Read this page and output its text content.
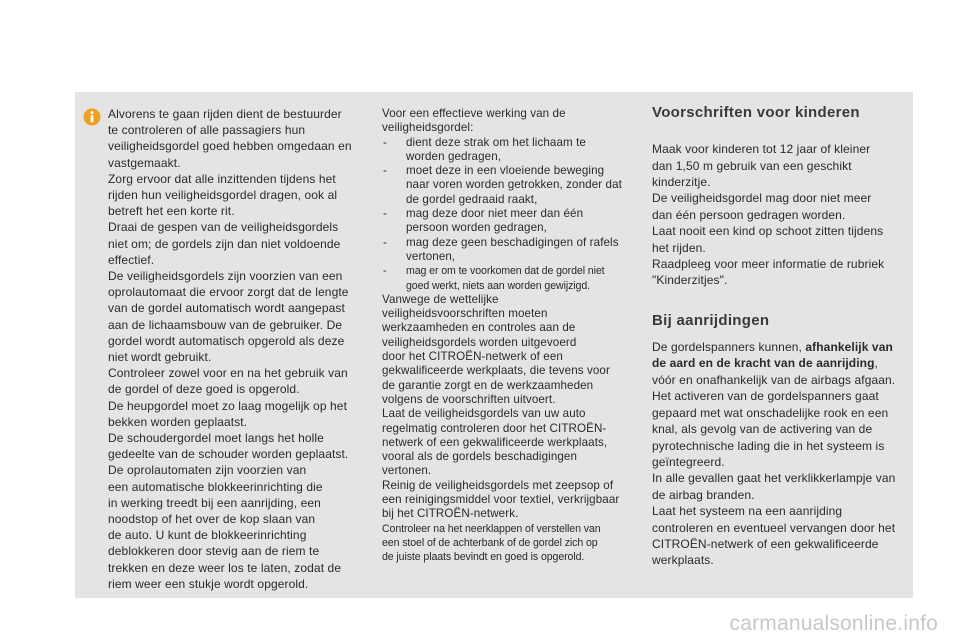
Alvorens te gaan rijden dient de bestuurder
te controleren of alle passagiers hun
veiligheidsgordel goed hebben omgedaan en
vastgemaakt.
Zorg ervoor dat alle inzittenden tijdens het
rijden hun veiligheidsgordel dragen, ook al
betreft het een korte rit.
Draai de gespen van de veiligheidsgordels
niet om; de gordels zijn dan niet voldoende
effectief.
De veiligheidsgordels zijn voorzien van een
oprolautomaat die ervoor zorgt dat de lengte
van de gordel automatisch wordt aangepast
aan de lichaamsbouw van de gebruiker. De
gordel wordt automatisch opgerold als deze
niet wordt gebruikt.
Controleer zowel voor en na het gebruik van
de gordel of deze goed is opgerold.
De heupgordel moet zo laag mogelijk op het
bekken worden geplaatst.
De schoudergordel moet langs het holle
gedeelte van de schouder worden geplaatst.
De oprolautomaten zijn voorzien van
een automatische blokkeerinrichting die
in werking treedt bij een aanrijding, een
noodstop of het over de kop slaan van
de auto. U kunt de blokkeerinrichting
deblokkeren door stevig aan de riem te
trekken en deze weer los te laten, zodat de
riem weer een stukje wordt opgerold.
Voor een effectieve werking van de
veiligheidsgordel:
- dient deze strak om het lichaam te
worden gedragen,
- moet deze in een vloeiende beweging
naar voren worden getrokken, zonder dat
de gordel gedraaid raakt,
- mag deze door niet meer dan één
persoon worden gedragen,
- mag deze geen beschadigingen of rafels
vertonen,
- mag er om te voorkomen dat de gordel niet
goed werkt, niets aan worden gewijzigd.
Vanwege de wettelijke
veiligheidsvoorschriften moeten
werkzaamheden en controles aan de
veiligheidsgordels worden uitgevoerd
door het CITROËN-netwerk of een
gekwalificeerde werkplaats, die tevens voor
de garantie zorgt en de werkzaamheden
volgens de voorschriften uitvoert.
Laat de veiligheidsgordels van uw auto
regelmatig controleren door het CITROËN-
netwerk of een gekwalificeerde werkplaats,
vooral als de gordels beschadigingen
vertonen.
Reinig de veiligheidsgordels met zeepsop of
een reinigingsmiddel voor textiel, verkrijgbaar
bij het CITROËN-netwerk.
Controleer na het neerklappen of verstellen van
een stoel of de achterbank of de gordel zich op
de juiste plaats bevindt en goed is opgerold.
Voorschriften voor kinderen
Maak voor kinderen tot 12 jaar of kleiner
dan 1,50 m gebruik van een geschikt
kinderzitje.
De veiligheidsgordel mag door niet meer
dan één persoon gedragen worden.
Laat nooit een kind op schoot zitten tijdens
het rijden.
Raadpleeg voor meer informatie de rubriek
"Kinderzitjes".
Bij aanrijdingen
De gordelspanners kunnen, afhankelijk van
de aard en de kracht van de aanrijding,
vóór en onafhankelijk van de airbags afgaan.
Het activeren van de gordelspanners gaat
gepaard met wat onschadelijke rook en een
knal, als gevolg van de activering van de
pyrotechnische lading die in het systeem is
geïntegreerd.
In alle gevallen gaat het verklikkerlampje van
de airbag branden.
Laat het systeem na een aanrijding
controleren en eventueel vervangen door het
CITROËN-netwerk of een gekwalificeerde
werkplaats.
carmanualsonline.info
